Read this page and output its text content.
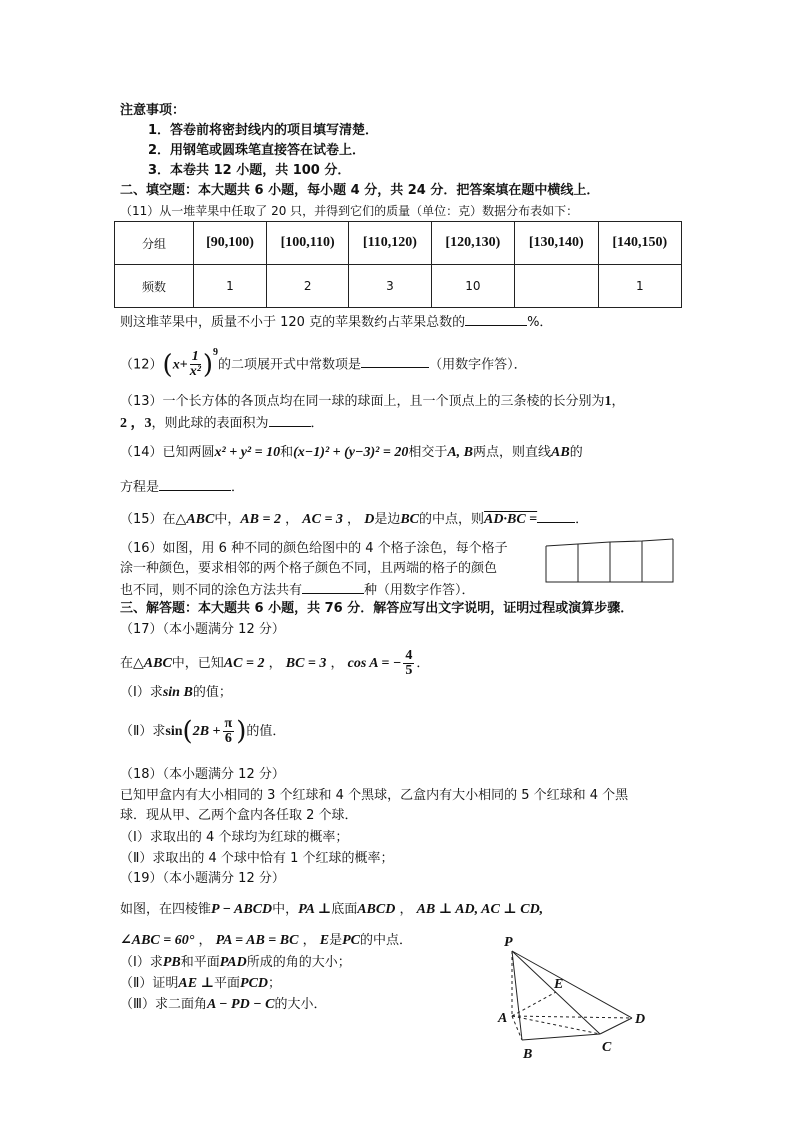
注意事项：
1．答卷前将密封线内的项目填写清楚．
2．用钢笔或圆珠笔直接答在试卷上．
3．本卷共 12 小题，共 100 分．
二、填空题：本大题共 6 小题，每小题 4 分，共 24 分．把答案填在题中横线上．
（11）从一堆苹果中任取了 20 只，并得到它们的质量（单位：克）数据分布表如下：
分组	[90,100)	[100,110)	[110,120)	[120,130)	[130,140)	[140,150)
频数	1	2	3	10		1
则这堆苹果中，质量不小于 120 克的苹果数约占苹果总数的	%．
$(12)(x+ \frac{1}{\text{x²}} )^9$的二项展开式中常数项是	（用数字作答）．
（13）一个长方体的各顶点均在同一球的球面上，且一个顶点上的三条棱的长分别为1，
2 ，3，则此球的表面积为	．
（14）已知两圆x² + y² = 10和(x−1)² + (y−3)² = 20相交于A, B两点，则直线AB的
方程是	．
（15）在△ABC中，AB = 2 ， AC = 3 ， D是边BC的中点，则AD·BC =	．
（16）如图，用 6 种不同的颜色给图中的 4 个格子涂色，每个格子
涂一种颜色，要求相邻的两个格子颜色不同，且两端的格子的颜色
也不同，则不同的涂色方法共有	种（用数字作答）．
三、解答题：本大题共 6 小题，共 76 分．解答应写出文字说明，证明过程或演算步骤．
（17）（本小题满分 12 分）
在△ABC中，已知AC = 2 ， BC = 3 ， cos A = − $\frac{4}{5}$ ．
（Ⅰ）求sin B的值；
（Ⅱ）求$\sin(2B + \frac{\pi}{6}$ )的值．
（18）（本小题满分 12 分）
已知甲盒内有大小相同的 3 个红球和 4 个黑球，乙盒内有大小相同的 5 个红球和 4 个黑
球．现从甲、乙两个盒内各任取 2 个球．
（Ⅰ）求取出的 4 个球均为红球的概率；
（Ⅱ）求取出的 4 个球中恰有 1 个红球的概率；
（19）（本小题满分 12 分）
如图，在四棱锥P − ABCD中，PA ⊥底面ABCD ， AB ⊥ AD, AC ⊥ CD,
∠ABC = 60° ， PA = AB = BC ， E是PC的中点．
（Ⅰ）求PB和平面PAD所成的角的大小；
（Ⅱ）证明AE ⊥平面PCD；
（Ⅲ）求二面角A − PD − C的大小．
P
E
A	D
B	C
